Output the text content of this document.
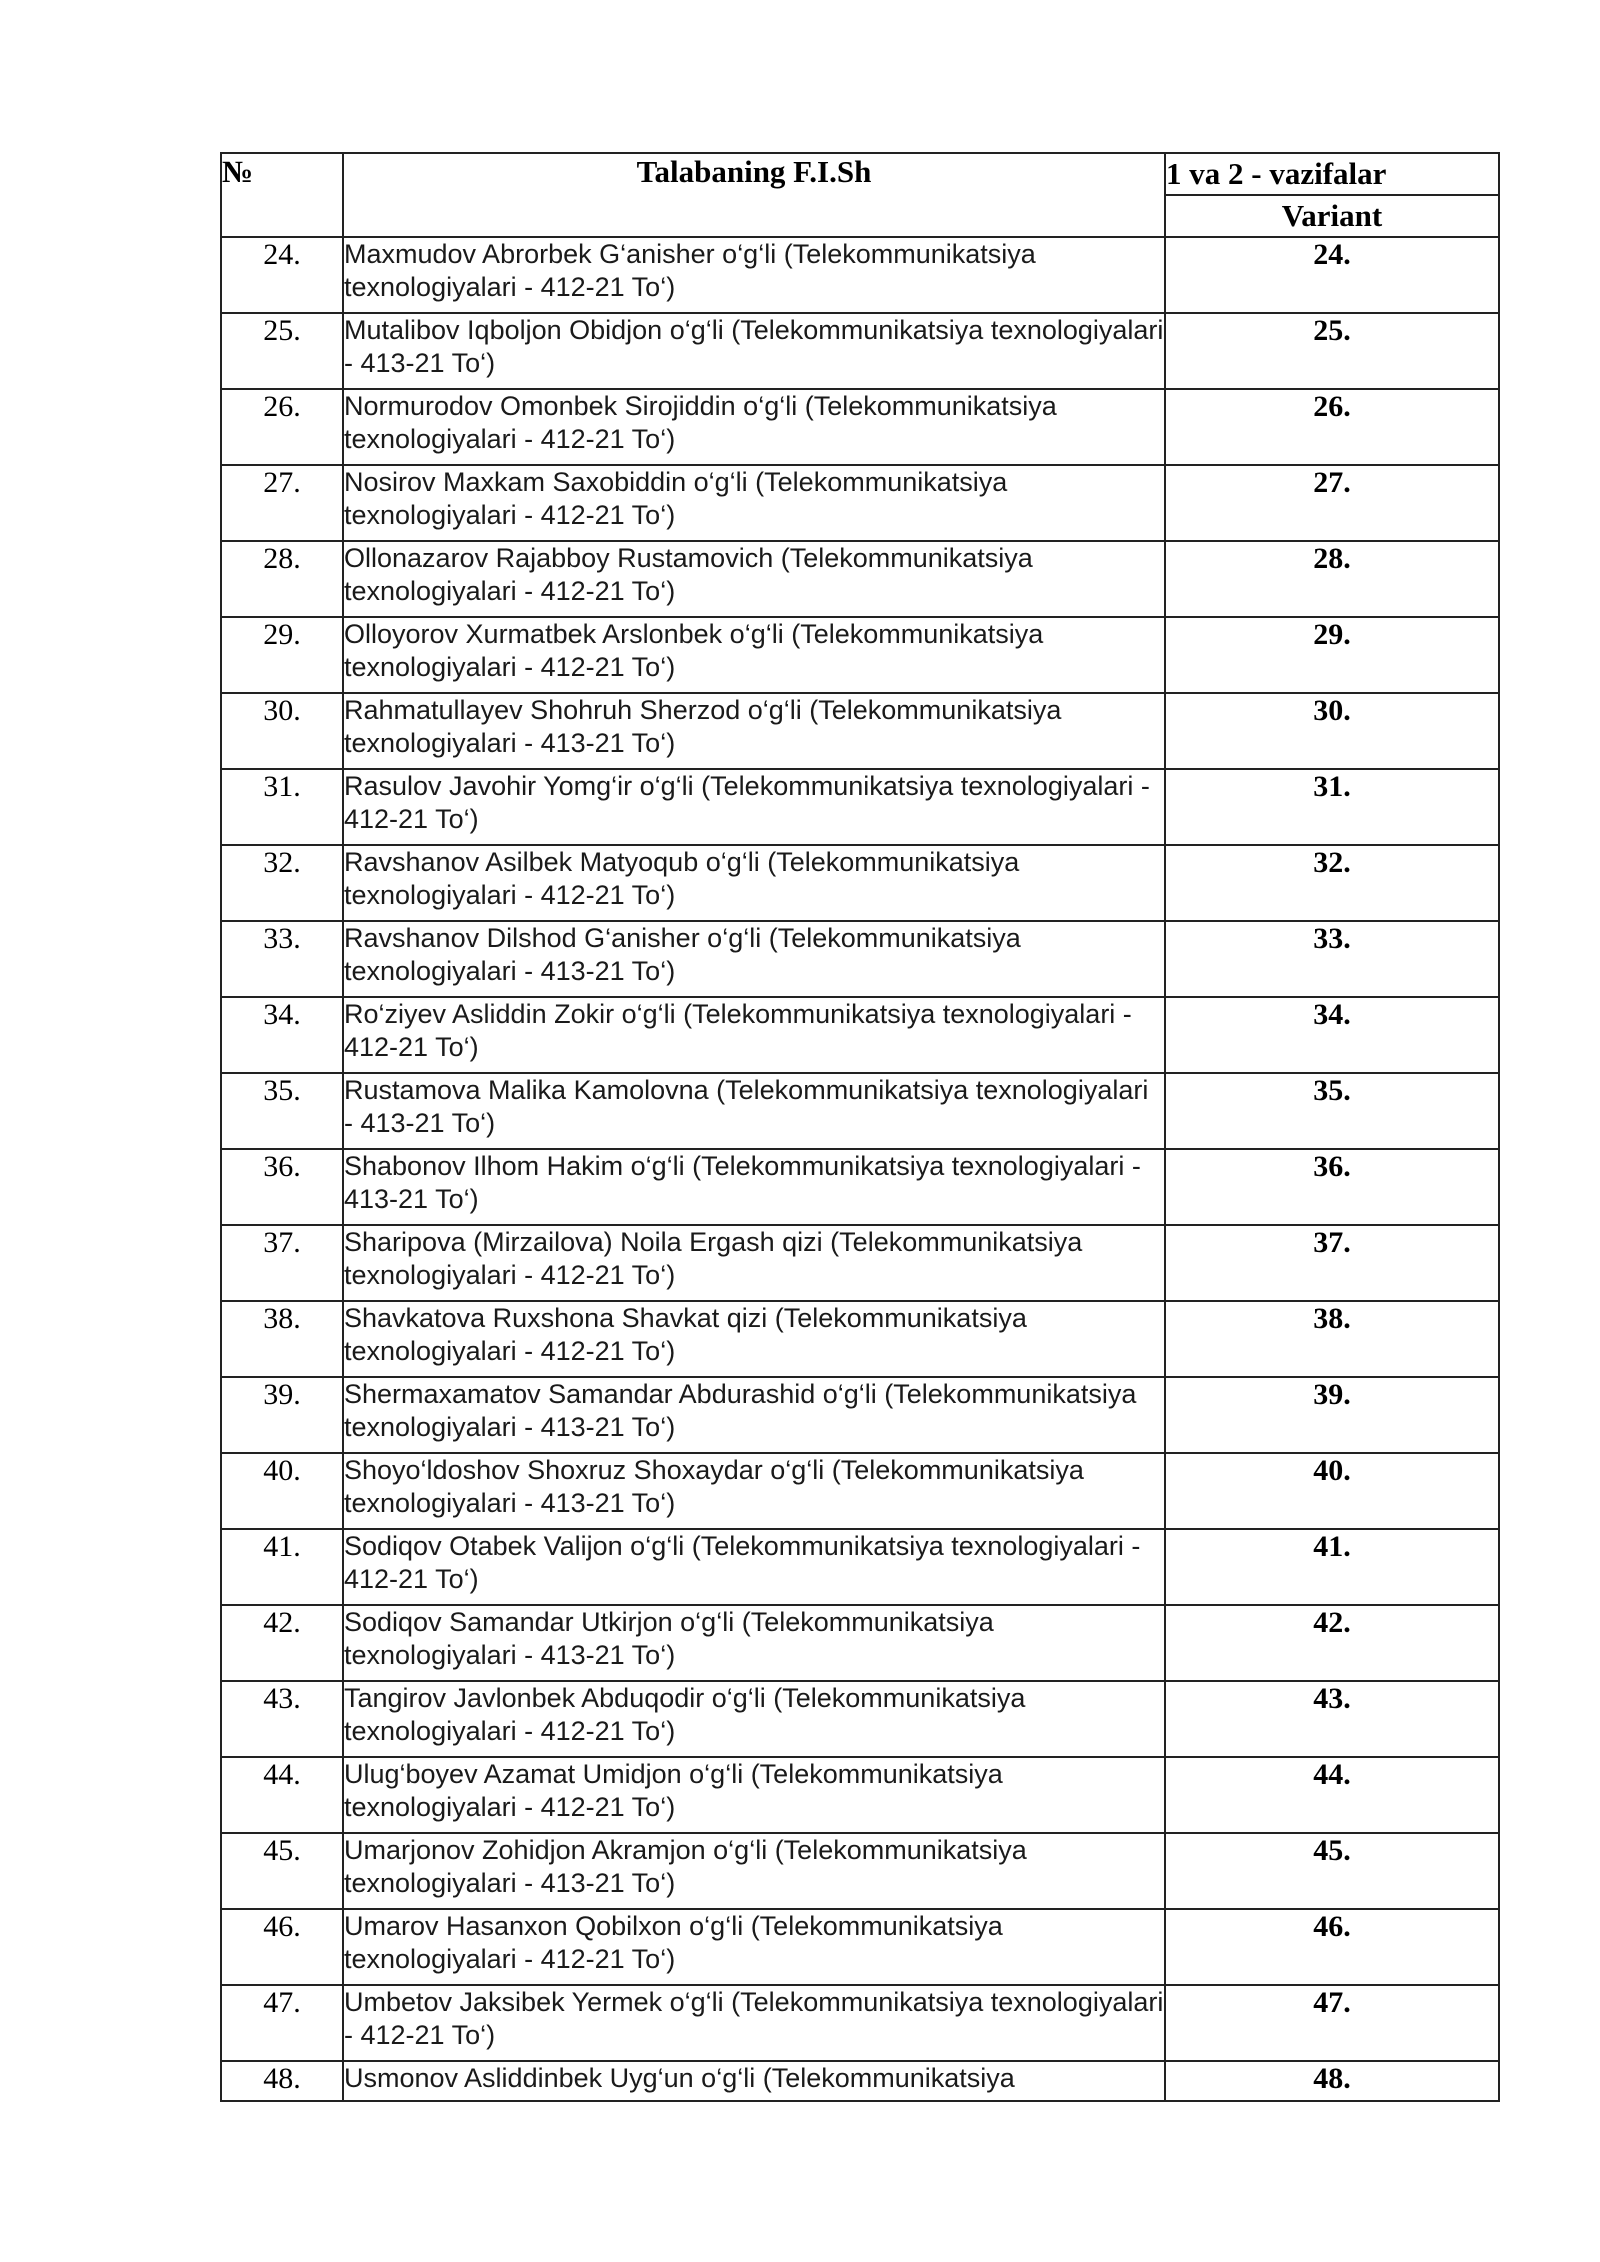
№	Talabaning F.I.Sh	1 va 2 - vazifalar
		Variant
24.	Maxmudov Abrorbek G‘anisher o‘g‘li (Telekommunikatsiya texnologiyalari - 412-21 To‘)	24.
25.	Mutalibov Iqboljon Obidjon o‘g‘li (Telekommunikatsiya texnologiyalari - 413-21 To‘)	25.
26.	Normurodov Omonbek Sirojiddin o‘g‘li (Telekommunikatsiya texnologiyalari - 412-21 To‘)	26.
27.	Nosirov Maxkam Saxobiddin o‘g‘li (Telekommunikatsiya texnologiyalari - 412-21 To‘)	27.
28.	Ollonazarov Rajabboy Rustamovich (Telekommunikatsiya texnologiyalari - 412-21 To‘)	28.
29.	Olloyorov Xurmatbek Arslonbek o‘g‘li (Telekommunikatsiya texnologiyalari - 412-21 To‘)	29.
30.	Rahmatullayev Shohruh Sherzod o‘g‘li (Telekommunikatsiya texnologiyalari - 413-21 To‘)	30.
31.	Rasulov Javohir Yomg‘ir o‘g‘li (Telekommunikatsiya texnologiyalari - 412-21 To‘)	31.
32.	Ravshanov Asilbek Matyoqub o‘g‘li (Telekommunikatsiya texnologiyalari - 412-21 To‘)	32.
33.	Ravshanov Dilshod G‘anisher o‘g‘li (Telekommunikatsiya texnologiyalari - 413-21 To‘)	33.
34.	Ro‘ziyev Asliddin Zokir o‘g‘li (Telekommunikatsiya texnologiyalari - 412-21 To‘)	34.
35.	Rustamova Malika Kamolovna (Telekommunikatsiya texnologiyalari - 413-21 To‘)	35.
36.	Shabonov Ilhom Hakim o‘g‘li (Telekommunikatsiya texnologiyalari - 413-21 To‘)	36.
37.	Sharipova (Mirzailova) Noila Ergash qizi (Telekommunikatsiya texnologiyalari - 412-21 To‘)	37.
38.	Shavkatova Ruxshona Shavkat qizi (Telekommunikatsiya texnologiyalari - 412-21 To‘)	38.
39.	Shermaxamatov Samandar Abdurashid o‘g‘li (Telekommunikatsiya texnologiyalari - 413-21 To‘)	39.
40.	Shoyo‘ldoshov Shoxruz Shoxaydar o‘g‘li (Telekommunikatsiya texnologiyalari - 413-21 To‘)	40.
41.	Sodiqov Otabek Valijon o‘g‘li (Telekommunikatsiya texnologiyalari - 412-21 To‘)	41.
42.	Sodiqov Samandar Utkirjon o‘g‘li (Telekommunikatsiya texnologiyalari - 413-21 To‘)	42.
43.	Tangirov Javlonbek Abduqodir o‘g‘li (Telekommunikatsiya texnologiyalari - 412-21 To‘)	43.
44.	Ulug‘boyev Azamat Umidjon o‘g‘li (Telekommunikatsiya texnologiyalari - 412-21 To‘)	44.
45.	Umarjonov Zohidjon Akramjon o‘g‘li (Telekommunikatsiya texnologiyalari - 413-21 To‘)	45.
46.	Umarov Hasanxon Qobilxon o‘g‘li (Telekommunikatsiya texnologiyalari - 412-21 To‘)	46.
47.	Umbetov Jaksibek Yermek o‘g‘li (Telekommunikatsiya texnologiyalari - 412-21 To‘)	47.
48.	Usmonov Asliddinbek Uyg‘un o‘g‘li (Telekommunikatsiya	48.
